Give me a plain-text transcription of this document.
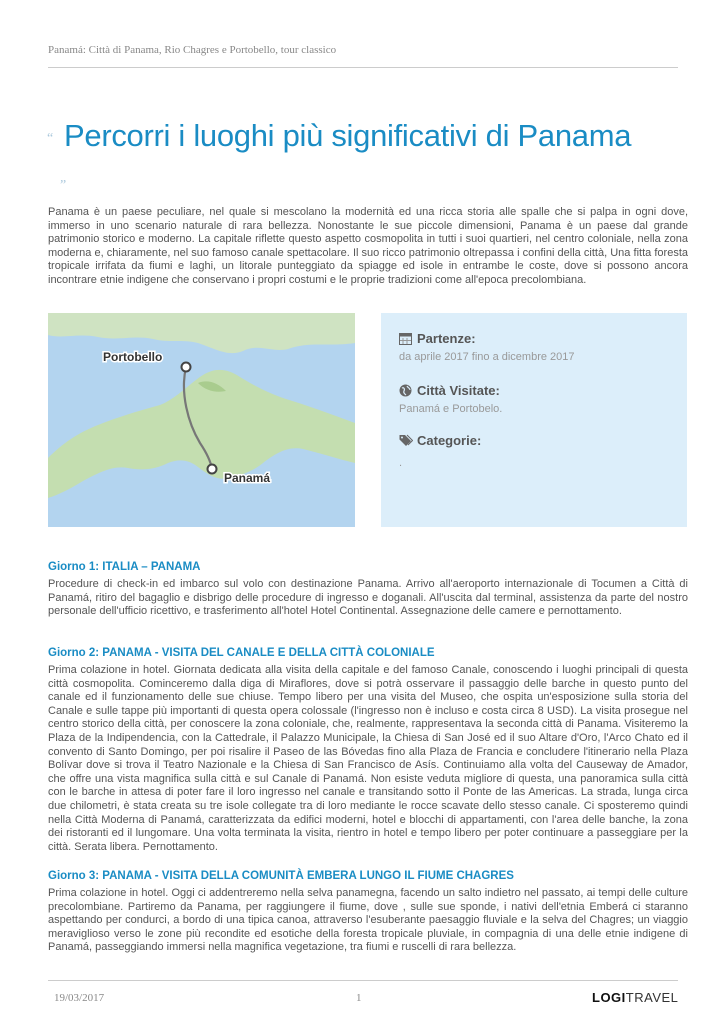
Panamá: Città di Panama, Rio Chagres e Portobello, tour classico
“ Percorri i luoghi più significativi di Panama
”

Panama è un paese peculiare, nel quale si mescolano la modernità ed una ricca storia alle spalle che si palpa in ogni dove, immerso in uno scenario naturale di rara bellezza. Nonostante le sue piccole dimensioni, Panama è un paese dal grande patrimonio storico e moderno. La capitale riflette questo aspetto cosmopolita in tutti i suoi quartieri, nel centro coloniale, nella zona moderna e, chiaramente, nel suo famoso canale spettacolare. Il suo ricco patrimonio oltrepassa i confini della città, Una fitta foresta tropicale irrifata da fiumi e laghi, un litorale punteggiato da spiagge ed isole in entrambe le coste, dove si possono ancora incontrare etnie indigene che conservano i propri costumi e le proprie tradizioni come all'epoca precolombiana.

Portobello
Panamá
Partenze:
da aprile 2017 fino a dicembre 2017
Città Visitate:
Panamá e Portobelo.
Categorie:
.
Giorno 1: ITALIA – PANAMA

Procedure di check-in ed imbarco sul volo con destinazione Panama. Arrivo all'aeroporto internazionale di Tocumen a Città di Panamá, ritiro del bagaglio e disbrigo delle procedure di ingresso e doganali. All'uscita dal terminal, assistenza da parte del nostro personale dell'ufficio ricettivo, e trasferimento all'hotel Hotel Continental. Assegnazione delle camere e pernottamento.

Giorno 2: PANAMA - VISITA DEL CANALE E DELLA CITTÀ COLONIALE

Prima colazione in hotel. Giornata dedicata alla visita della capitale e del famoso Canale, conoscendo i luoghi principali di questa città cosmopolita. Cominceremo dalla diga di Miraflores, dove si potrà osservare il passaggio delle barche in questo punto del canale ed il funzionamento delle sue chiuse. Tempo libero per una visita del Museo, che ospita un'esposizione sulla storia del Canale e sulle tappe più importanti di questa opera colossale (l'ingresso non è incluso e costa circa 8 USD). La visita prosegue nel centro storico della città, per conoscere la zona coloniale, che, realmente, rappresentava la seconda città di Panama. Visiteremo la Plaza de la Indipendencia, con la Cattedrale, il Palazzo Municipale, la Chiesa di San José ed il suo Altare d'Oro, l'Arco Chato ed il convento di Santo Domingo, per poi risalire il Paseo de las Bóvedas fino alla Plaza de Francia e concludere l'itinerario nella Plaza Bolívar dove si trova il Teatro Nazionale e la Chiesa di San Francisco de Asís. Continuiamo alla volta del Causeway de Amador, che offre una vista magnifica sulla città e sul Canale di Panamá. Non esiste veduta migliore di questa, una panoramica sulla città con le barche in attesa di poter fare il loro ingresso nel canale e transitando sotto il Ponte de las Americas. La strada, lunga circa due chilometri, è stata creata su tre isole collegate tra di loro mediante le rocce scavate dello stesso canale. Ci sposteremo quindi nella Città Moderna di Panamá, caratterizzata da edifici moderni, hotel e blocchi di appartamenti, con l'area delle banche, la zona dei ristoranti ed il lungomare. Una volta terminata la visita, rientro in hotel e tempo libero per poter continuare a passeggiare per la città. Serata libera. Pernottamento.

Giorno 3: PANAMA - VISITA DELLA COMUNITÀ EMBERA LUNGO IL FIUME CHAGRES

Prima colazione in hotel. Oggi ci addentreremo nella selva panamegna, facendo un salto indietro nel passato, ai tempi delle culture precolombiane. Partiremo da Panama, per raggiungere il fiume, dove , sulle sue sponde, i nativi dell'etnia Emberá ci staranno aspettando per condurci, a bordo di una tipica canoa, attraverso l'esuberante paesaggio fluviale e la selva del Chagres; un viaggio meraviglioso verso le zone più recondite ed esotiche della foresta tropicale pluviale, in compagnia di una delle etnie indigene di Panamá, passeggiando immersi nella magnifica vegetazione, tra fiumi e ruscelli di rara bellezza.

19/03/2017	1	LOGITRAVEL
